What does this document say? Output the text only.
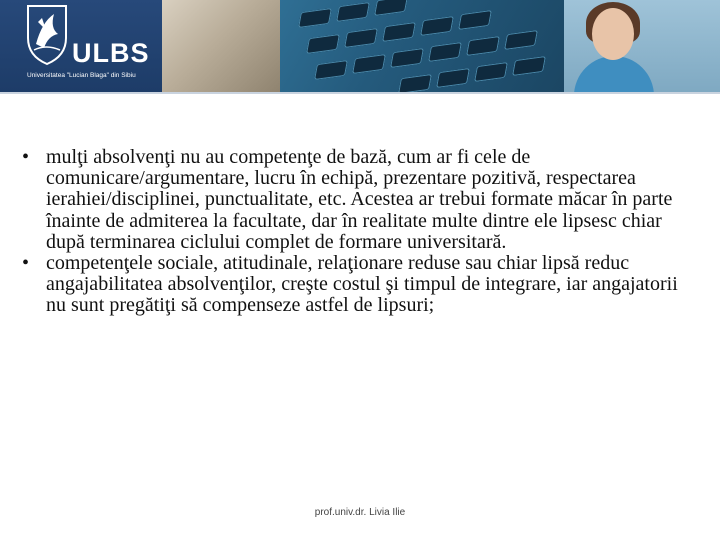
ULBS
Universitatea "Lucian Blaga" din Sibiu
• mulţi absolvenţi nu au competenţe de bază, cum ar fi cele de comunicare/argumentare, lucru în echipă, prezentare pozitivă, respectarea ierahiei/disciplinei, punctualitate, etc. Acestea ar trebui formate măcar în parte înainte de admiterea la facultate, dar în realitate multe dintre ele lipsesc chiar după terminarea ciclului complet de formare universitară.
• competenţele sociale, atitudinale, relaţionare reduse sau chiar lipsă reduc angajabilitatea absolvenţilor, creşte costul şi timpul de integrare, iar angajatorii nu sunt pregătiţi să compenseze astfel de lipsuri;
prof.univ.dr. Livia Ilie
